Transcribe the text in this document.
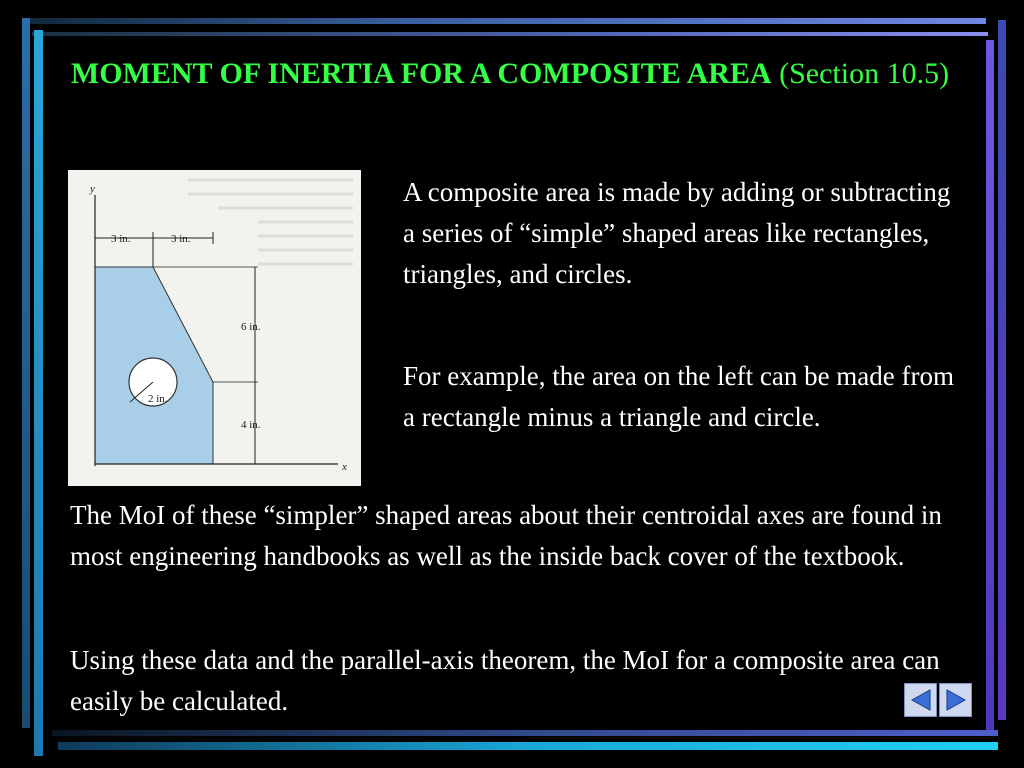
MOMENT OF INERTIA FOR A COMPOSITE AREA (Section 10.5)
y
x
3 in.	3 in.
6 in.
4 in.
2 in.

A composite area is made by adding or subtracting a series of “simple” shaped areas like rectangles, triangles, and circles.

For example, the area on the left can be made from a rectangle minus a triangle and circle.

The MoI of these “simpler” shaped areas about their centroidal axes are found in most engineering handbooks as well as the inside back cover of the textbook.

Using these data and the parallel-axis theorem, the MoI for a composite area can easily be calculated.
